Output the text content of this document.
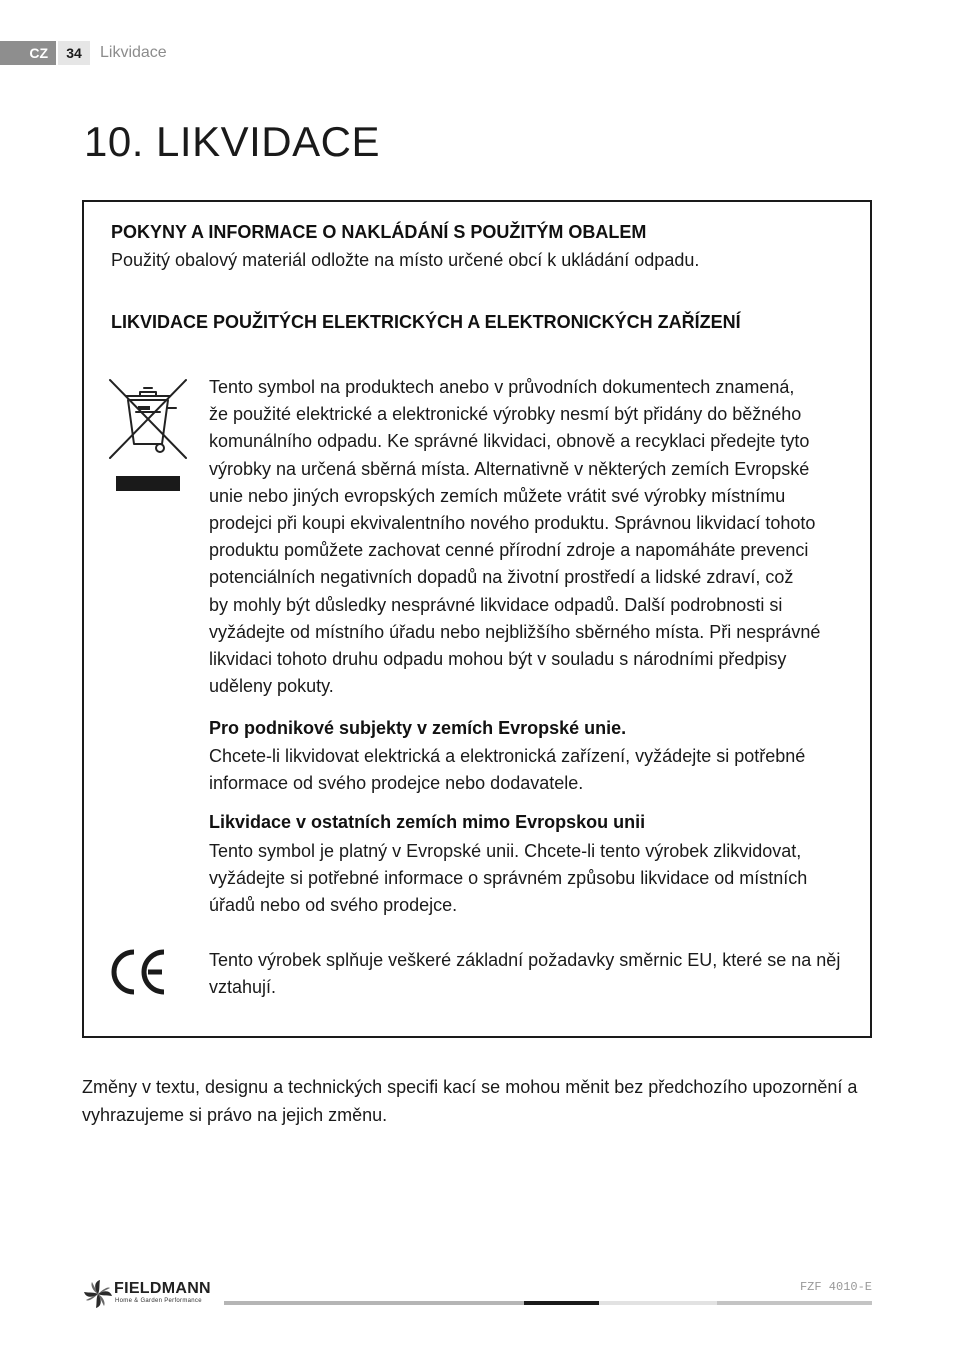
CZ	34	Likvidace
10. LIKVIDACE
POKYNY A INFORMACE O NAKLÁDÁNÍ S POUŽITÝM OBALEM
Použitý obalový materiál odložte na místo určené obcí k ukládání odpadu.
LIKVIDACE POUŽITÝCH ELEKTRICKÝCH A ELEKTRONICKÝCH ZAŘÍZENÍ

Tento symbol na produktech anebo v průvodních dokumentech znamená,
že použité elektrické a elektronické výrobky nesmí být přidány do běžného
komunálního odpadu. Ke správné likvidaci, obnově a recyklaci předejte tyto
výrobky na určená sběrná místa. Alternativně v některých zemích Evropské
unie nebo jiných evropských zemích můžete vrátit své výrobky místnímu
prodejci při koupi ekvivalentního nového produktu. Správnou likvidací tohoto
produktu pomůžete zachovat cenné přírodní zdroje a napomáháte prevenci
potenciálních negativních dopadů na životní prostředí a lidské zdraví, což
by mohly být důsledky nesprávné likvidace odpadů. Další podrobnosti si
vyžádejte od místního úřadu nebo nejbližšího sběrného místa. Při nesprávné
likvidaci tohoto druhu odpadu mohou být v souladu s národními předpisy
uděleny pokuty.

Pro podnikové subjekty v zemích Evropské unie.

Chcete-li likvidovat elektrická a elektronická zařízení, vyžádejte si potřebné
informace od svého prodejce nebo dodavatele.

Likvidace v ostatních zemích mimo Evropskou unii

Tento symbol je platný v Evropské unii. Chcete-li tento výrobek zlikvidovat,
vyžádejte si potřebné informace o správném způsobu likvidace od místních
úřadů nebo od svého prodejce.

Tento výrobek splňuje veškeré základní požadavky směrnic EU, které se na něj
vztahují.

Změny v textu, designu a technických specifi kací se mohou měnit bez předchozího upozornění a
vyhrazujeme si právo na jejich změnu.

FIELDMANN
Home & Garden Performance
FZF 4010-E
